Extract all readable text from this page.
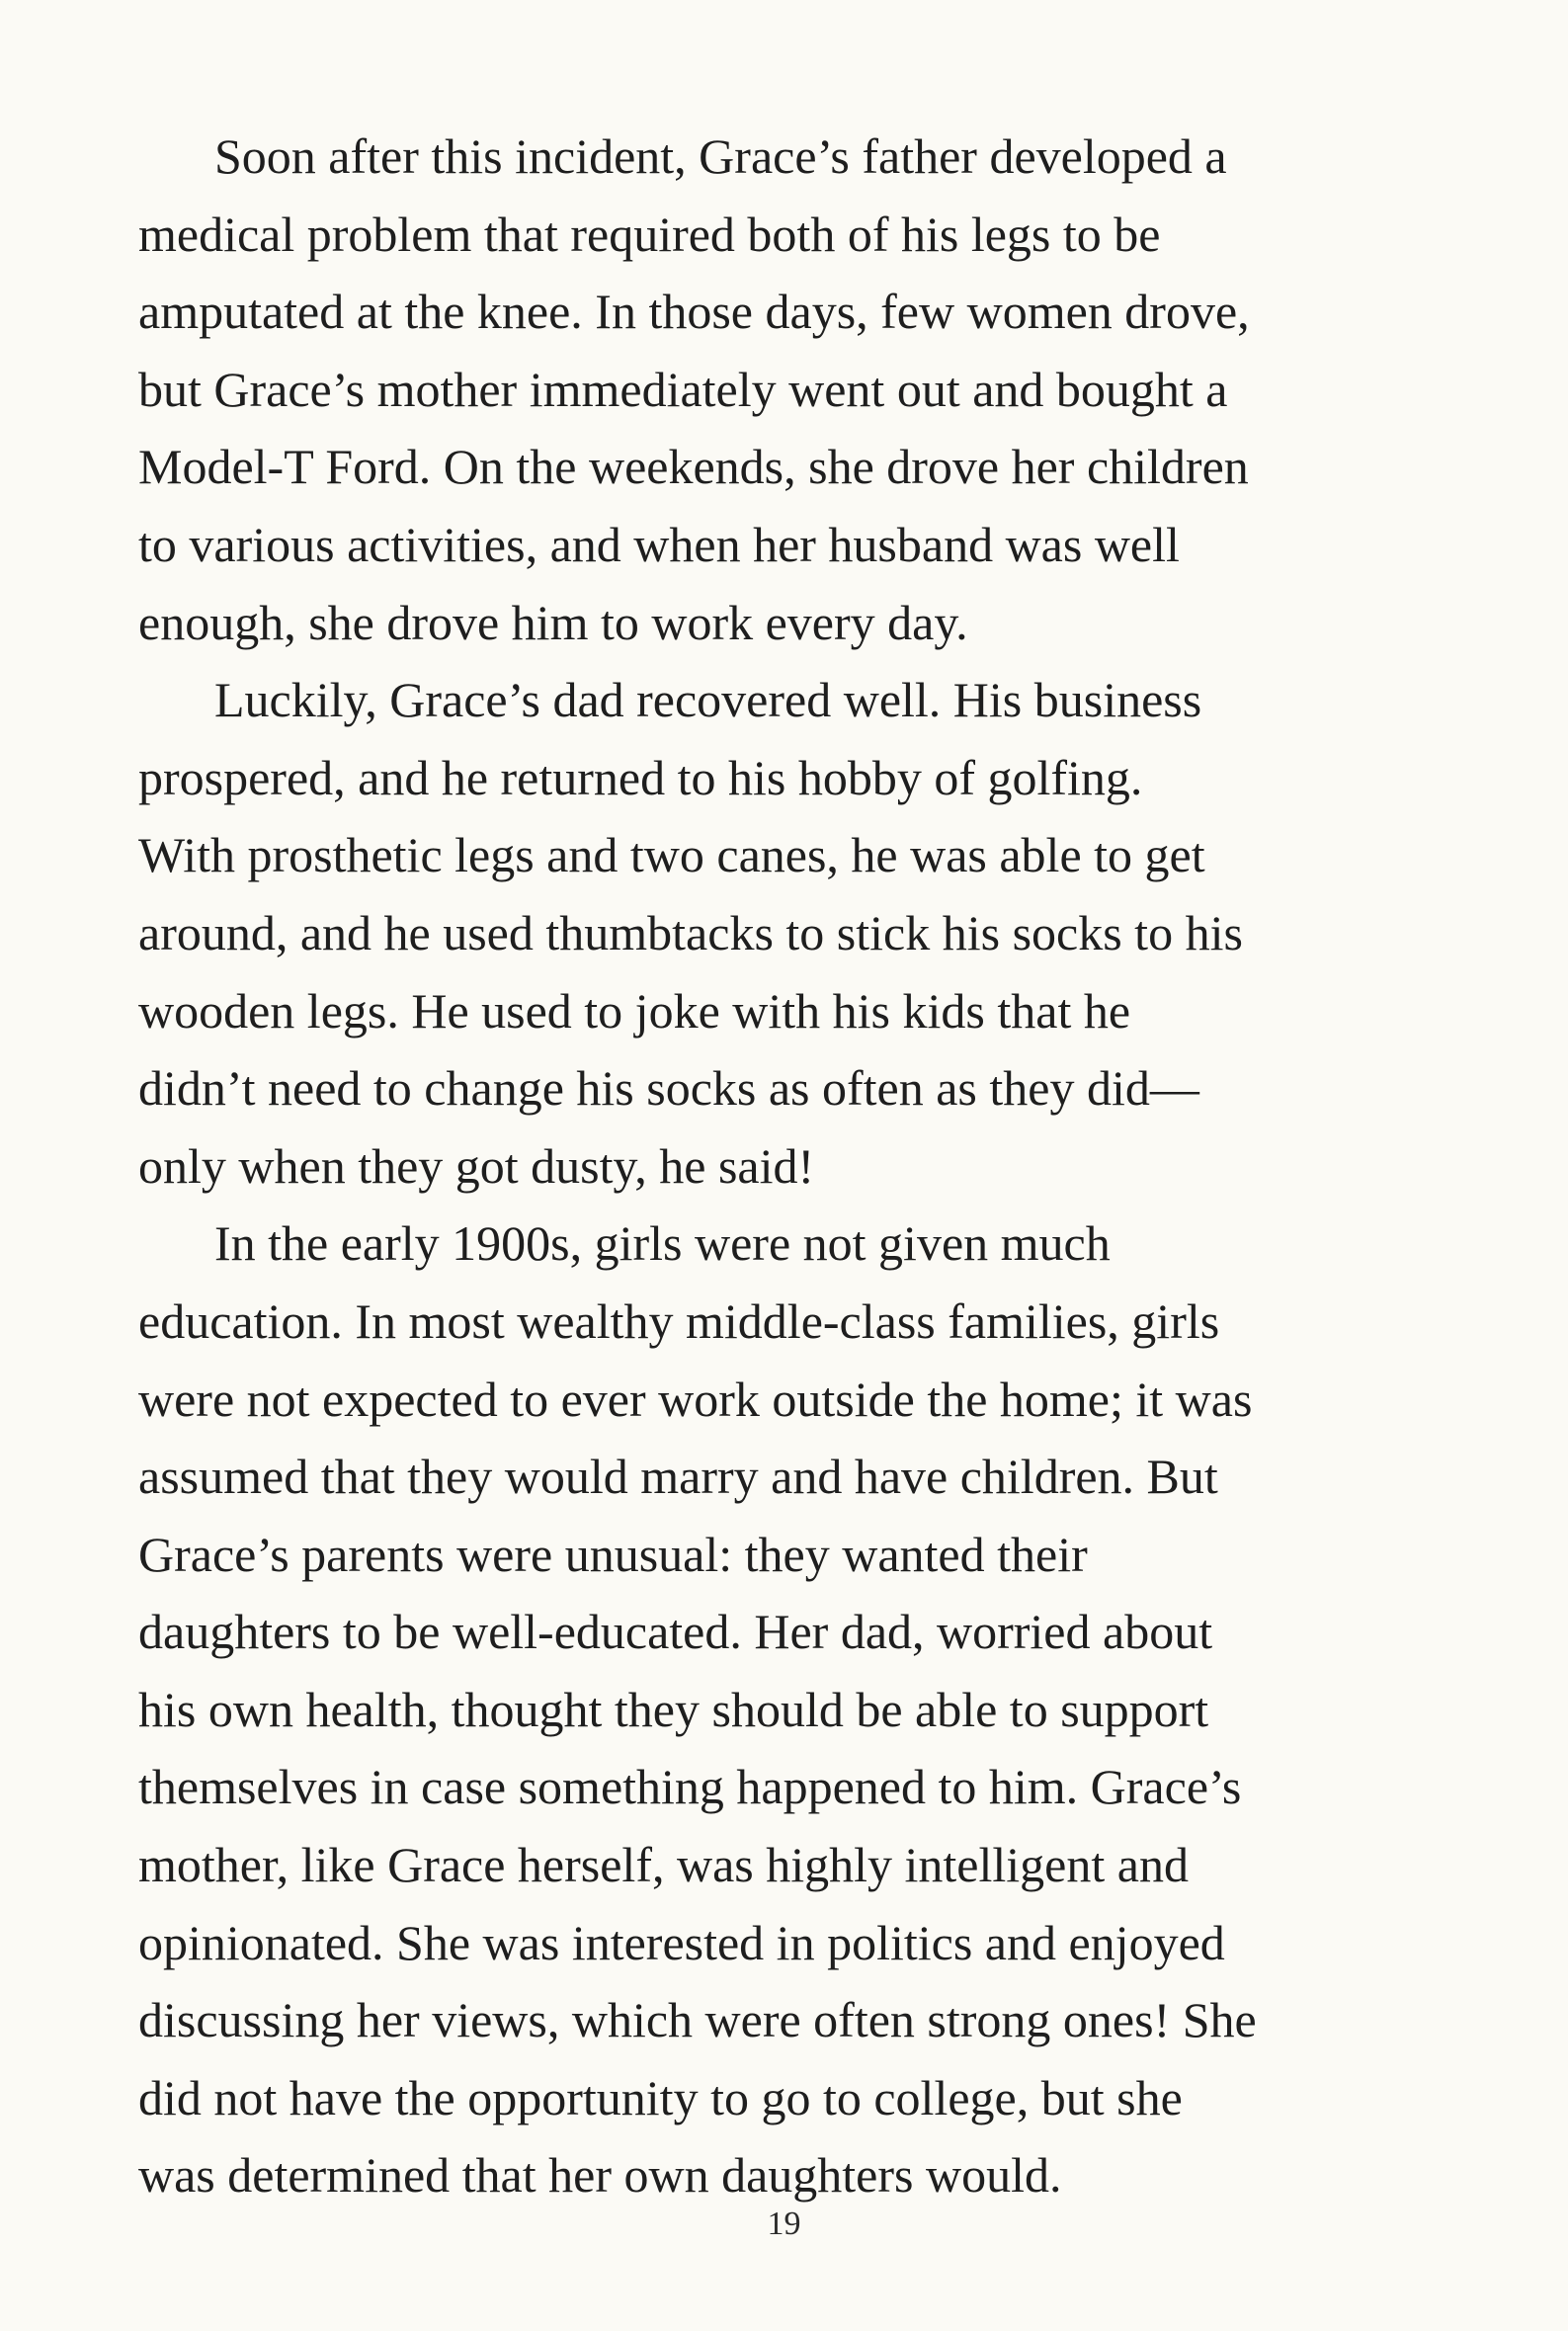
Soon after this incident, Grace’s father developed a
medical problem that required both of his legs to be
amputated at the knee. In those days, few women drove,
but Grace’s mother immediately went out and bought a
Model-T Ford. On the weekends, she drove her children
to various activities, and when her husband was well
enough, she drove him to work every day.
Luckily, Grace’s dad recovered well. His business
prospered, and he returned to his hobby of golfing.
With prosthetic legs and two canes, he was able to get
around, and he used thumbtacks to stick his socks to his
wooden legs. He used to joke with his kids that he
didn’t need to change his socks as often as they did—
only when they got dusty, he said!
In the early 1900s, girls were not given much
education. In most wealthy middle-class families, girls
were not expected to ever work outside the home; it was
assumed that they would marry and have children. But
Grace’s parents were unusual: they wanted their
daughters to be well-educated. Her dad, worried about
his own health, thought they should be able to support
themselves in case something happened to him. Grace’s
mother, like Grace herself, was highly intelligent and
opinionated. She was interested in politics and enjoyed
discussing her views, which were often strong ones! She
did not have the opportunity to go to college, but she
was determined that her own daughters would.
19
